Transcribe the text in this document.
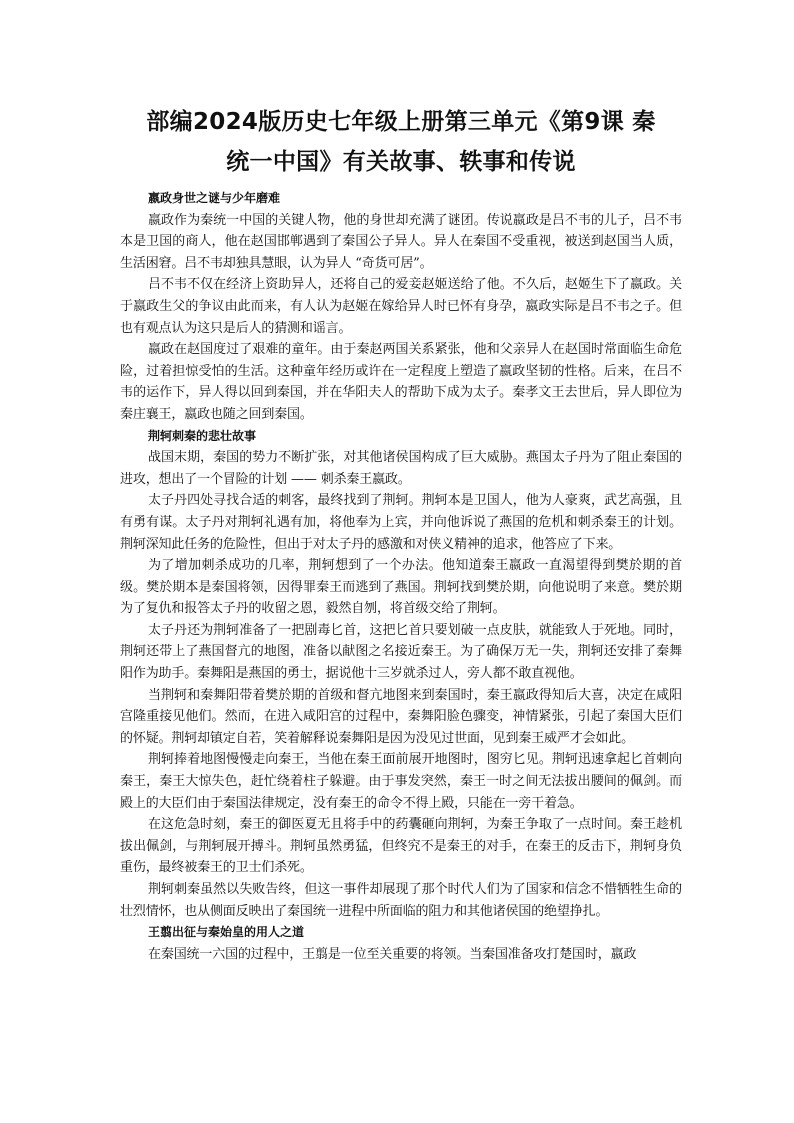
部编2024版历史七年级上册第三单元《第9课 秦
统一中国》有关故事、轶事和传说
嬴政身世之谜与少年磨难

嬴政作为秦统一中国的关键人物，他的身世却充满了谜团。传说嬴政是吕不韦的儿子，吕不韦本是卫国的商人，他在赵国邯郸遇到了秦国公子异人。异人在秦国不受重视，被送到赵国当人质，生活困窘。吕不韦却独具慧眼，认为异人 “奇货可居”。

吕不韦不仅在经济上资助异人，还将自己的爱妾赵姬送给了他。不久后，赵姬生下了嬴政。关于嬴政生父的争议由此而来，有人认为赵姬在嫁给异人时已怀有身孕，嬴政实际是吕不韦之子。但也有观点认为这只是后人的猜测和谣言。

嬴政在赵国度过了艰难的童年。由于秦赵两国关系紧张，他和父亲异人在赵国时常面临生命危险，过着担惊受怕的生活。这种童年经历或许在一定程度上塑造了嬴政坚韧的性格。后来，在吕不韦的运作下，异人得以回到秦国，并在华阳夫人的帮助下成为太子。秦孝文王去世后，异人即位为秦庄襄王，嬴政也随之回到秦国。

荆轲刺秦的悲壮故事

战国末期，秦国的势力不断扩张，对其他诸侯国构成了巨大威胁。燕国太子丹为了阻止秦国的进攻，想出了一个冒险的计划 —— 刺杀秦王嬴政。

太子丹四处寻找合适的刺客，最终找到了荆轲。荆轲本是卫国人，他为人豪爽，武艺高强，且有勇有谋。太子丹对荆轲礼遇有加，将他奉为上宾，并向他诉说了燕国的危机和刺杀秦王的计划。荆轲深知此任务的危险性，但出于对太子丹的感激和对侠义精神的追求，他答应了下来。

为了增加刺杀成功的几率，荆轲想到了一个办法。他知道秦王嬴政一直渴望得到樊於期的首级。樊於期本是秦国将领，因得罪秦王而逃到了燕国。荆轲找到樊於期，向他说明了来意。樊於期为了复仇和报答太子丹的收留之恩，毅然自刎，将首级交给了荆轲。

太子丹还为荆轲准备了一把剧毒匕首，这把匕首只要划破一点皮肤，就能致人于死地。同时，荆轲还带上了燕国督亢的地图，准备以献图之名接近秦王。为了确保万无一失，荆轲还安排了秦舞阳作为助手。秦舞阳是燕国的勇士，据说他十三岁就杀过人，旁人都不敢直视他。

当荆轲和秦舞阳带着樊於期的首级和督亢地图来到秦国时，秦王嬴政得知后大喜，决定在咸阳宫隆重接见他们。然而，在进入咸阳宫的过程中，秦舞阳脸色骤变，神情紧张，引起了秦国大臣们的怀疑。荆轲却镇定自若，笑着解释说秦舞阳是因为没见过世面，见到秦王威严才会如此。

荆轲捧着地图慢慢走向秦王，当他在秦王面前展开地图时，图穷匕见。荆轲迅速拿起匕首刺向秦王，秦王大惊失色，赶忙绕着柱子躲避。由于事发突然，秦王一时之间无法拔出腰间的佩剑。而殿上的大臣们由于秦国法律规定，没有秦王的命令不得上殿，只能在一旁干着急。

在这危急时刻，秦王的御医夏无且将手中的药囊砸向荆轲，为秦王争取了一点时间。秦王趁机拔出佩剑，与荆轲展开搏斗。荆轲虽然勇猛，但终究不是秦王的对手，在秦王的反击下，荆轲身负重伤，最终被秦王的卫士们杀死。

荆轲刺秦虽然以失败告终，但这一事件却展现了那个时代人们为了国家和信念不惜牺牲生命的壮烈情怀，也从侧面反映出了秦国统一进程中所面临的阻力和其他诸侯国的绝望挣扎。

王翦出征与秦始皇的用人之道

在秦国统一六国的过程中，王翦是一位至关重要的将领。当秦国准备攻打楚国时，嬴政
